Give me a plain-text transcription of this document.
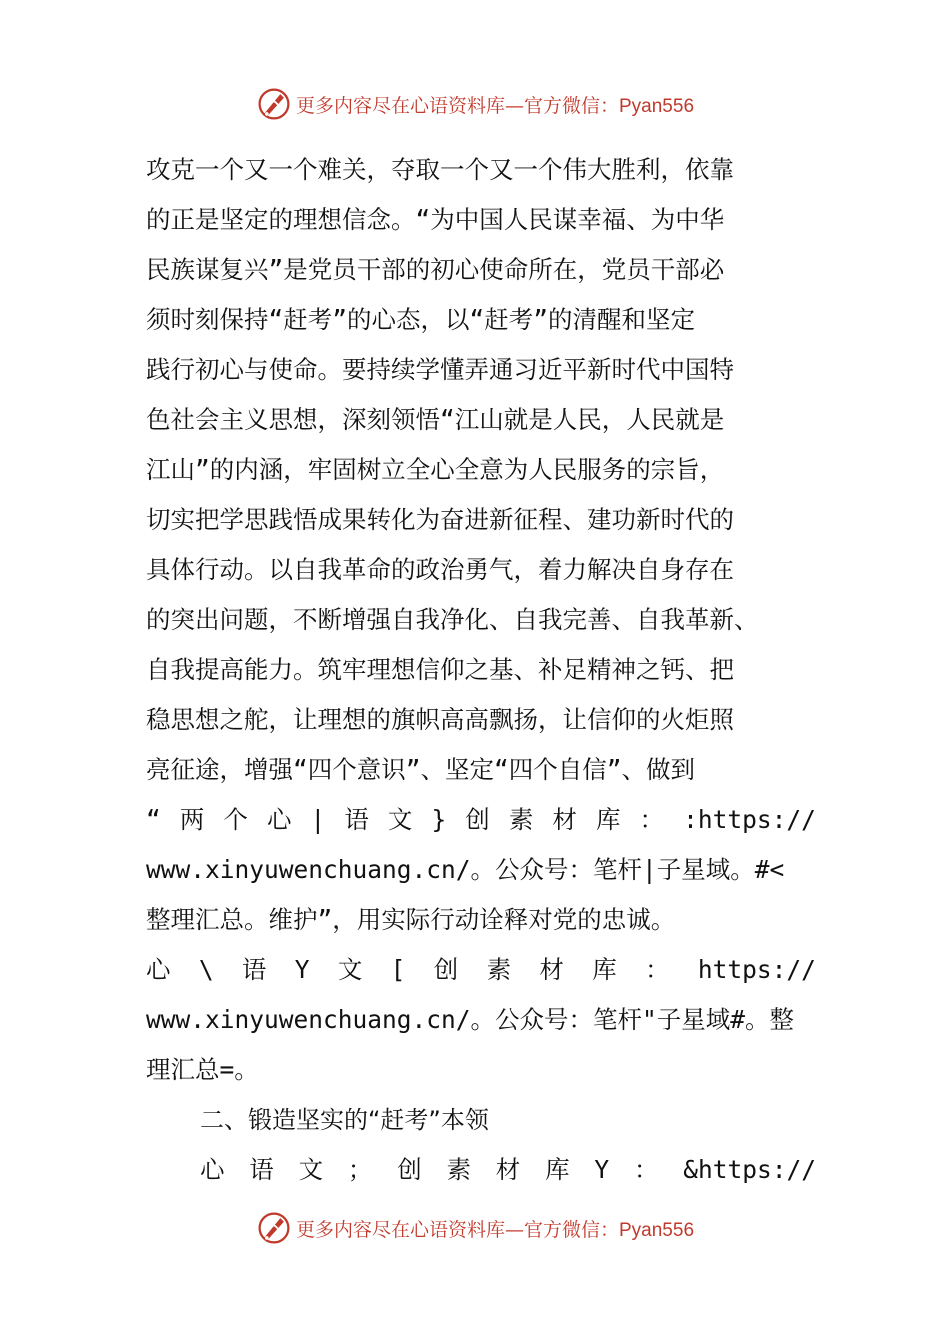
更多内容尽在心语资料库—官方微信：Pyan556
攻克一个又一个难关，夺取一个又一个伟大胜利，依靠
的正是坚定的理想信念。“为中国人民谋幸福、为中华
民族谋复兴”是党员干部的初心使命所在，党员干部必
须时刻保持“赶考”的心态，以“赶考”的清醒和坚定
践行初心与使命。要持续学懂弄通习近平新时代中国特
色社会主义思想，深刻领悟“江山就是人民，人民就是
江山”的内涵，牢固树立全心全意为人民服务的宗旨，
切实把学思践悟成果转化为奋进新征程、建功新时代的
具体行动。以自我革命的政治勇气，着力解决自身存在
的突出问题，不断增强自我净化、自我完善、自我革新、
自我提高能力。筑牢理想信仰之基、补足精神之钙、把
稳思想之舵，让理想的旗帜高高飘扬，让信仰的火炬照
亮征途，增强“四个意识”、坚定“四个自信”、做到
“ 两 个 心 | 语 文 } 创 素 材 库 ： :https://
www.xinyuwenchuang.cn/。公众号：笔杆|子星域。#<
整理汇总。维护”，用实际行动诠释对党的忠诚。
心 \ 语 Y 文 [ 创 素 材 库 ： https://
www.xinyuwenchuang.cn/。公众号：笔杆"子星域#。整
理汇总=。
二、锻造坚实的“赶考”本领
心 语 文 ； 创 素 材 库 Y ： &https://
更多内容尽在心语资料库—官方微信：Pyan556
